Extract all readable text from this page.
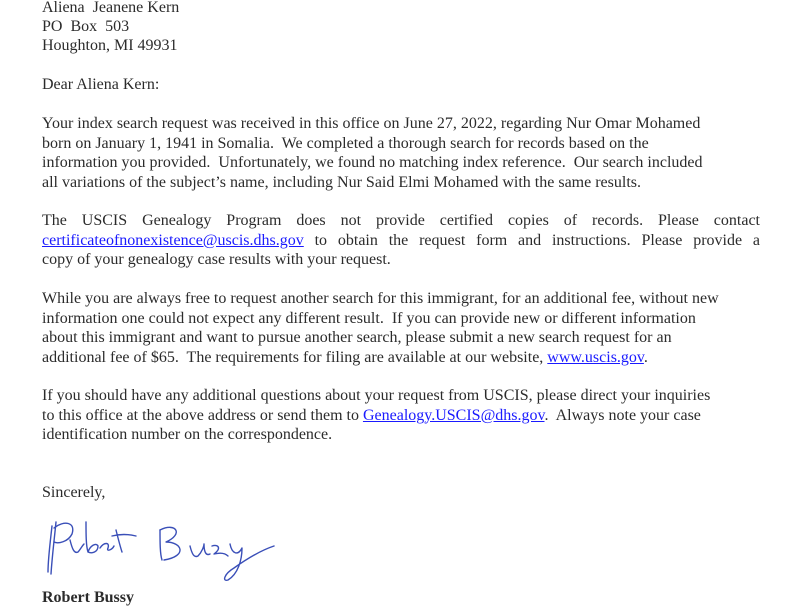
Aliena  Jeanene Kern
PO  Box  503
Houghton, MI 49931
Dear Aliena Kern:
Your index search request was received in this office on June 27, 2022, regarding Nur Omar Mohamed
born on January 1, 1941 in Somalia.  We completed a thorough search for records based on the
information you provided.  Unfortunately, we found no matching index reference.  Our search included
all variations of the subject’s name, including Nur Said Elmi Mohamed with the same results.
The USCIS Genealogy Program does not provide certified copies of records. Please contact
certificateofnonexistence@uscis.dhs.gov to obtain the request form and instructions. Please provide a
copy of your genealogy case results with your request.
While you are always free to request another search for this immigrant, for an additional fee, without new
information one could not expect any different result.  If you can provide new or different information
about this immigrant and want to pursue another search, please submit a new search request for an
additional fee of $65.  The requirements for filing are available at our website, www.uscis.gov.
If you should have any additional questions about your request from USCIS, please direct your inquiries
to this office at the above address or send them to Genealogy.USCIS@dhs.gov.  Always note your case
identification number on the correspondence.
Sincerely,
Robert Bussy
